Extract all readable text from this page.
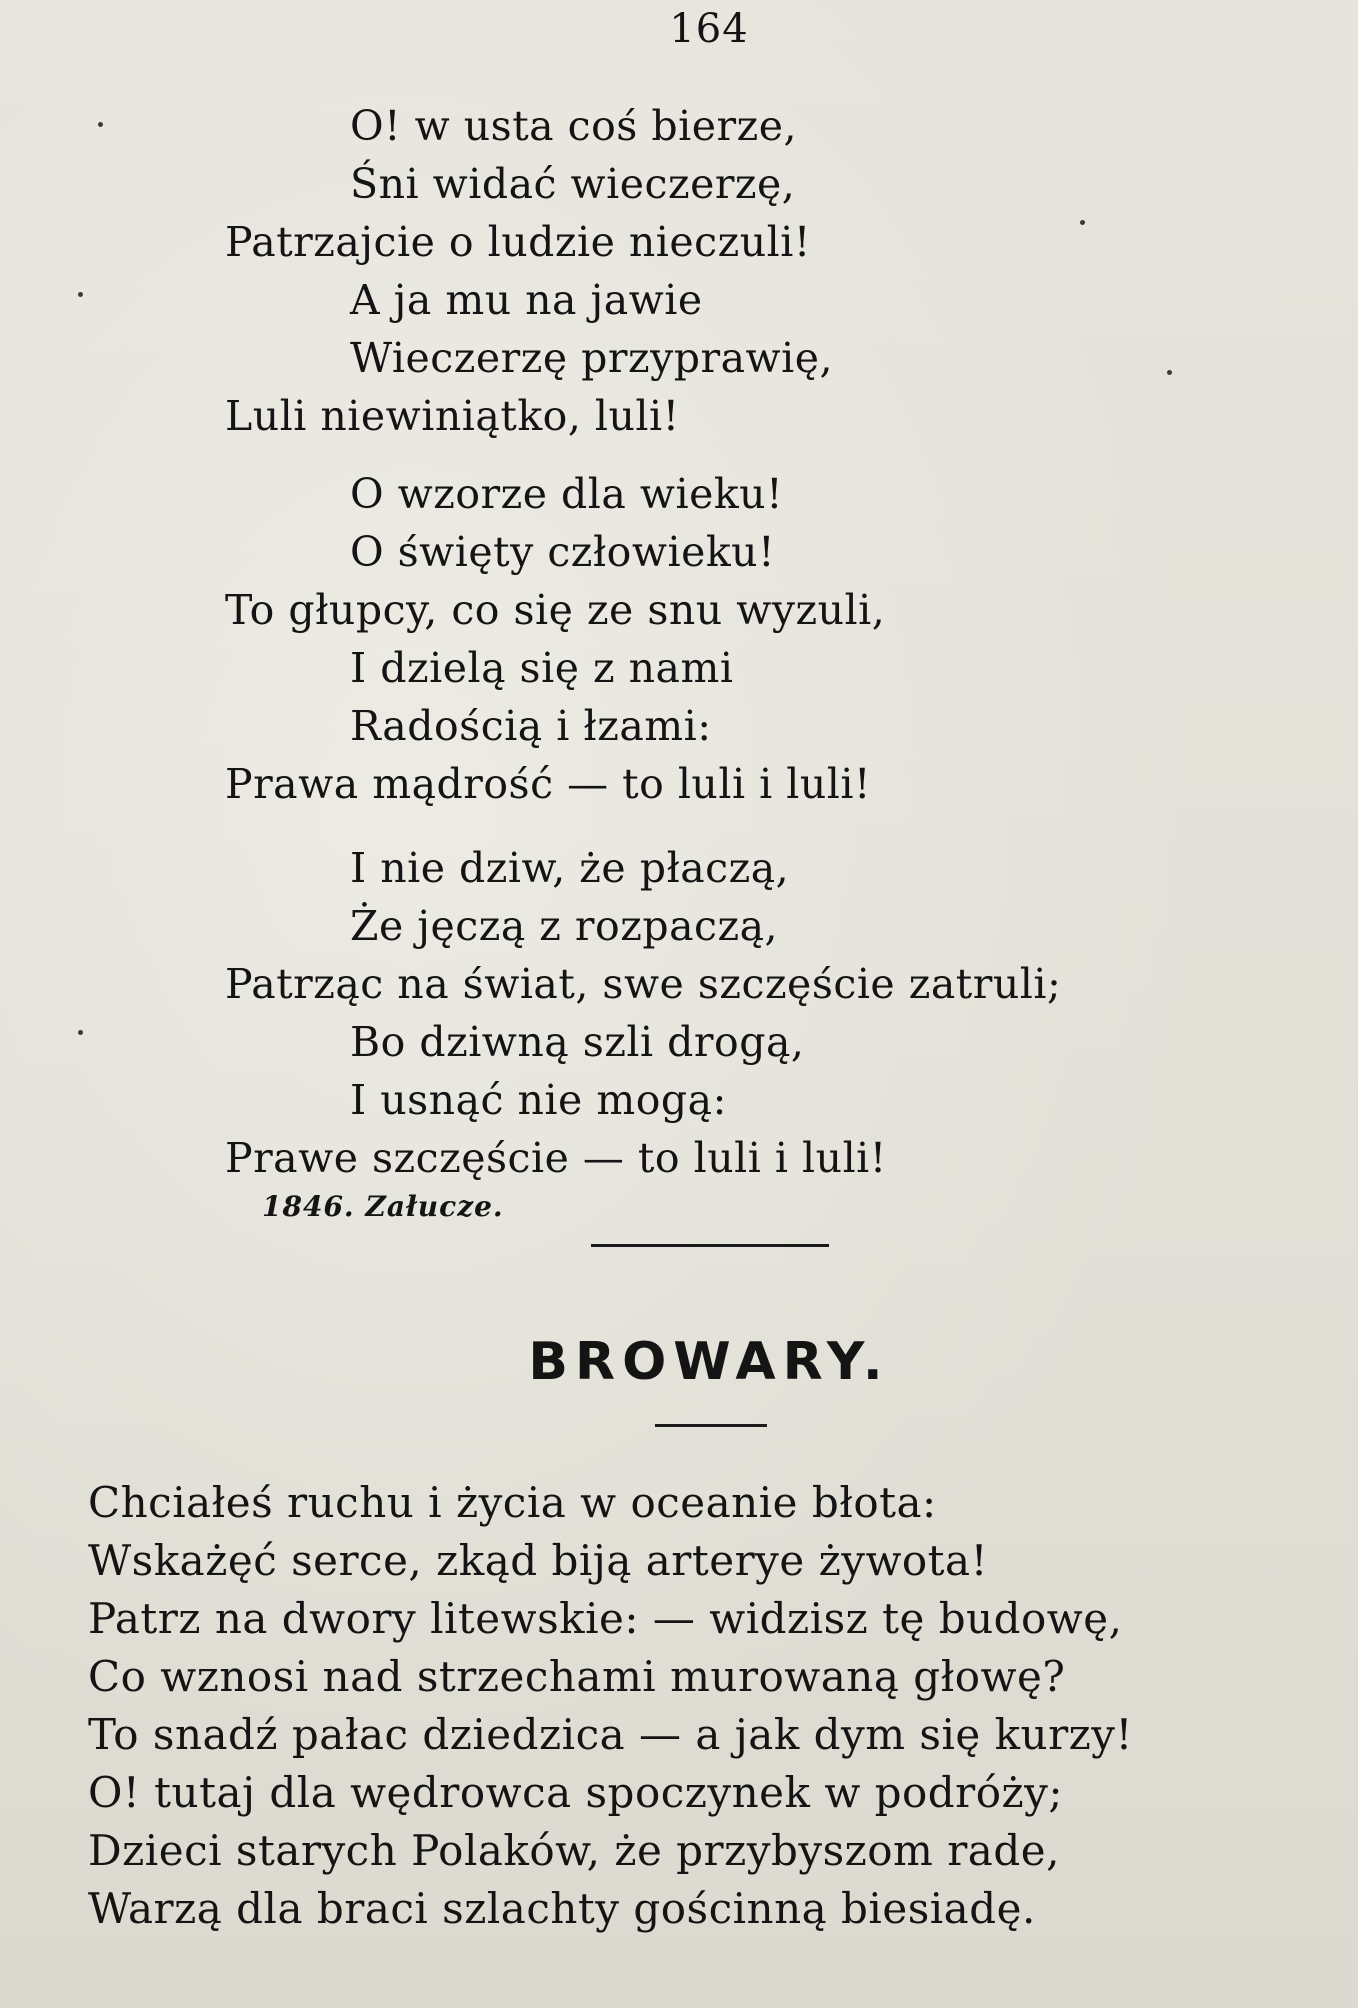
164
O! w usta coś bierze,
Śni widać wieczerzę,
Patrzajcie o ludzie nieczuli!
A ja mu na jawie
Wieczerzę przyprawię,
Luli niewiniątko, luli!
O wzorze dla wieku!
O święty człowieku!
To głupcy, co się ze snu wyzuli,
I dzielą się z nami
Radością i łzami:
Prawa mądrość — to luli i luli!
I nie dziw, że płaczą,
Że jęczą z rozpaczą,
Patrząc na świat, swe szczęście zatruli;
Bo dziwną szli drogą,
I usnąć nie mogą:
Prawe szczęście — to luli i luli!
1846. Załucze.
BROWARY.
Chciałeś ruchu i życia w oceanie błota:
Wskażęć serce, zkąd biją arterye żywota!
Patrz na dwory litewskie: — widzisz tę budowę,
Co wznosi nad strzechami murowaną głowę?
To snadź pałac dziedzica — a jak dym się kurzy!
O! tutaj dla wędrowca spoczynek w podróży;
Dzieci starych Polaków, że przybyszom rade,
Warzą dla braci szlachty gościnną biesiadę.
